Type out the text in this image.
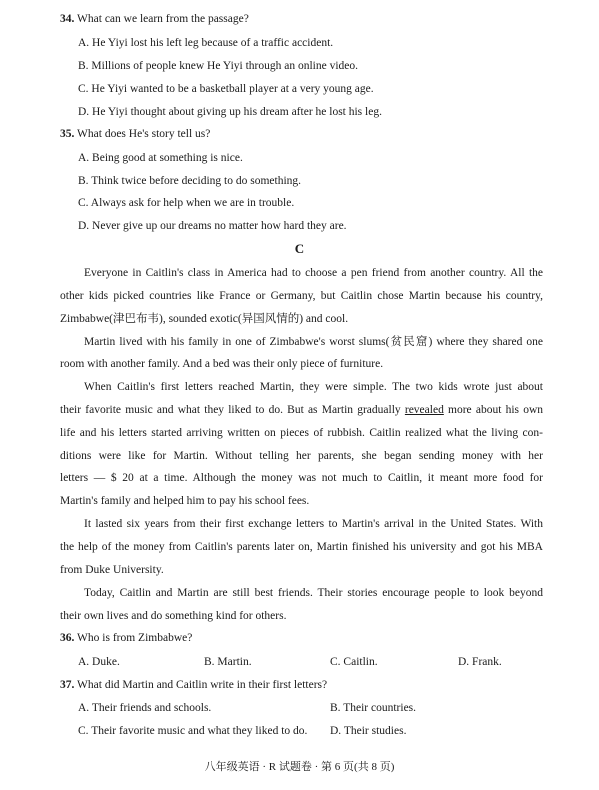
34. What can we learn from the passage?
A. He Yiyi lost his left leg because of a traffic accident.
B. Millions of people knew He Yiyi through an online video.
C. He Yiyi wanted to be a basketball player at a very young age.
D. He Yiyi thought about giving up his dream after he lost his leg.
35. What does He's story tell us?
A. Being good at something is nice.
B. Think twice before deciding to do something.
C. Always ask for help when we are in trouble.
D. Never give up our dreams no matter how hard they are.
C
Everyone in Caitlin's class in America had to choose a pen friend from another country. All the
other kids picked countries like France or Germany, but Caitlin chose Martin because his country,
Zimbabwe(津巴布韦), sounded exotic(异国风情的) and cool.
Martin lived with his family in one of Zimbabwe's worst slums(贫民窟) where they shared one
room with another family. And a bed was their only piece of furniture.
When Caitlin's first letters reached Martin, they were simple. The two kids wrote just about
their favorite music and what they liked to do. But as Martin gradually revealed more about his own
life and his letters started arriving written on pieces of rubbish. Caitlin realized what the living con-
ditions were like for Martin. Without telling her parents, she began sending money with her
letters — $ 20 at a time. Although the money was not much to Caitlin, it meant more food for
Martin's family and helped him to pay his school fees.
It lasted six years from their first exchange letters to Martin's arrival in the United States. With
the help of the money from Caitlin's parents later on, Martin finished his university and got his MBA
from Duke University.
Today, Caitlin and Martin are still best friends. Their stories encourage people to look beyond
their own lives and do something kind for others.
36. Who is from Zimbabwe?
A. Duke.	B. Martin.	C. Caitlin.	D. Frank.
37. What did Martin and Caitlin write in their first letters?
A. Their friends and schools.	B. Their countries.
C. Their favorite music and what they liked to do. D. Their studies.
八年级英语 · R 试题卷 · 第 6 页(共 8 页)
